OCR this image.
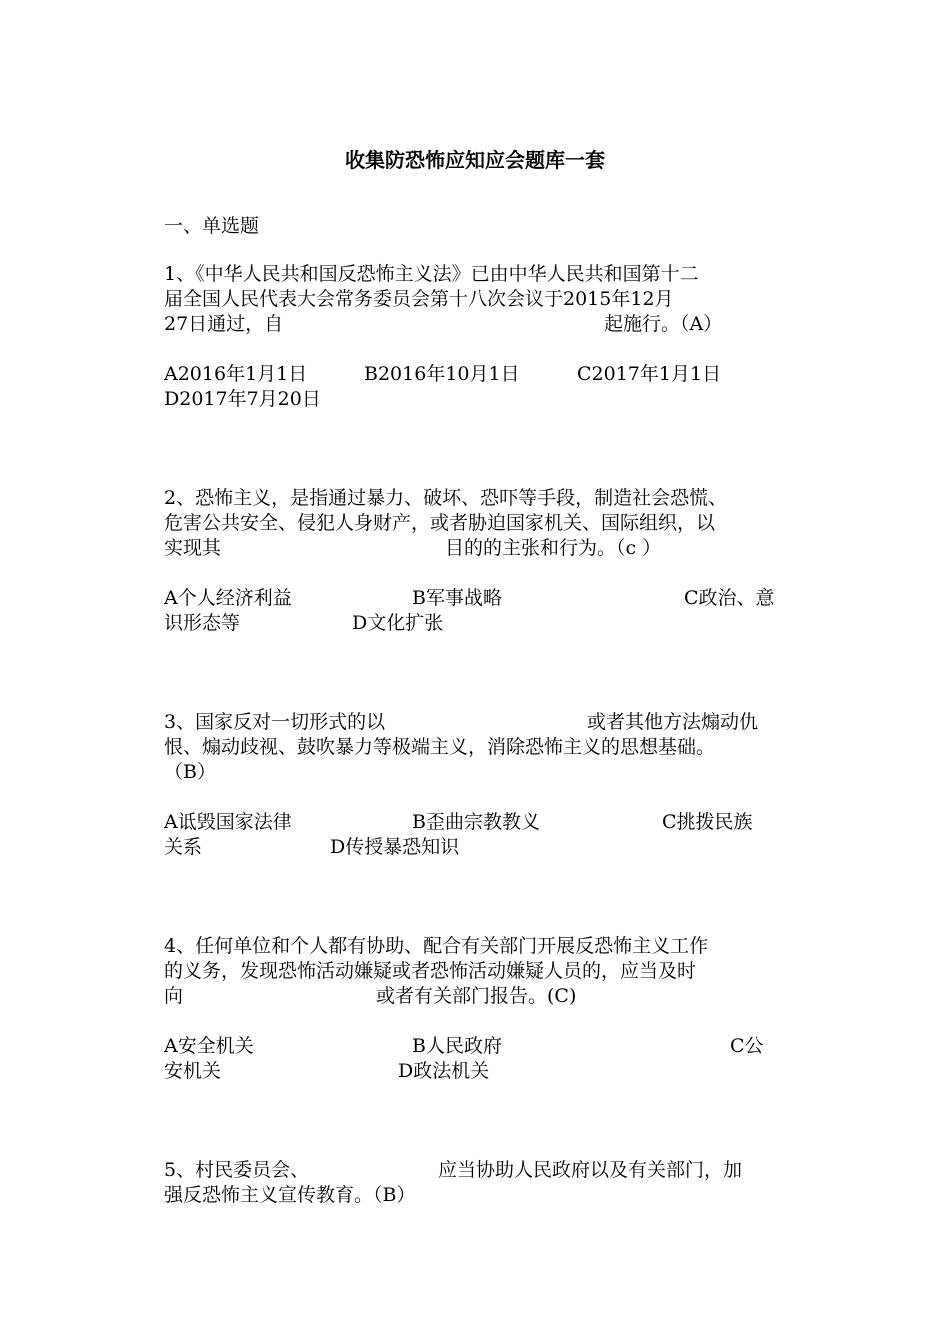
收集防恐怖应知应会题库一套
一、单选题
1、《中华人民共和国反恐怖主义法》已由中华人民共和国第十二
届全国人民代表大会常务委员会第十八次会议于2015年12月
27日通过，自	起施行。（A）
A2016年1月1日	B2016年10月1日	C2017年1月1日
D2017年7月20日
2、恐怖主义，是指通过暴力、破坏、恐吓等手段，制造社会恐慌、
危害公共安全、侵犯人身财产，或者胁迫国家机关、国际组织，以
实现其	目的的主张和行为。（c ）
A个人经济利益	B军事战略	C政治、意
识形态等	D文化扩张
3、国家反对一切形式的以	或者其他方法煽动仇
恨、煽动歧视、鼓吹暴力等极端主义，消除恐怖主义的思想基础。
（B）
A诋毁国家法律	B歪曲宗教教义	C挑拨民族
关系	D传授暴恐知识
4、任何单位和个人都有协助、配合有关部门开展反恐怖主义工作
的义务，发现恐怖活动嫌疑或者恐怖活动嫌疑人员的，应当及时
向	或者有关部门报告。(C)
A安全机关	B人民政府	C公
安机关	D政法机关
5、村民委员会、	应当协助人民政府以及有关部门，加
强反恐怖主义宣传教育。（B）
